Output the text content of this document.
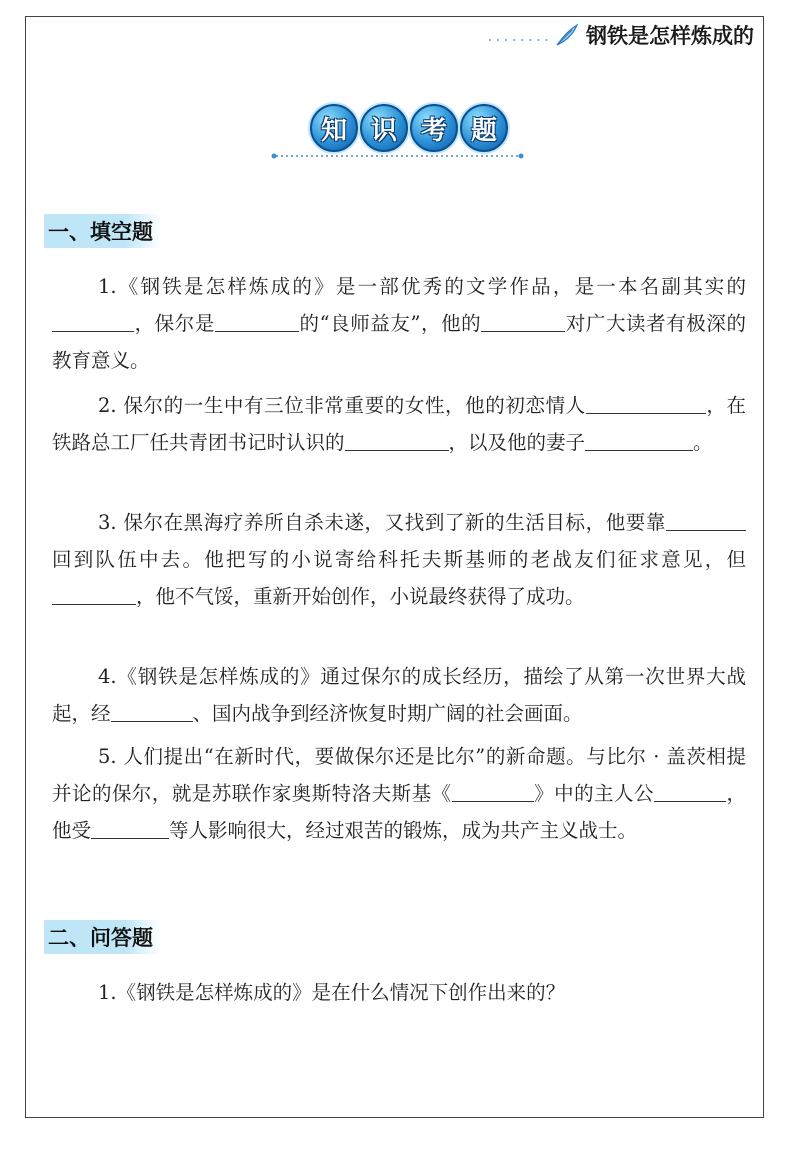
........ 钢铁是怎样炼成的
知 识 考 题
一、填空题

1.《钢铁是怎样炼成的》是一部优秀的文学作品，是一本名副其实的，保尔是	的“良师益友”，他的	对广大读者有极深的教育意义。

2. 保尔的一生中有三位非常重要的女性，他的初恋情人	，在铁路总工厂任共青团书记时认识的	，以及他的妻子	。

3. 保尔在黑海疗养所自杀未遂，又找到了新的生活目标，他要靠回到队伍中去。他把写的小说寄给科托夫斯基师的老战友们征求意见，但，他不气馁，重新开始创作，小说最终获得了成功。

4.《钢铁是怎样炼成的》通过保尔的成长经历，描绘了从第一次世界大战起，经	、国内战争到经济恢复时期广阔的社会画面。

5. 人们提出“在新时代，要做保尔还是比尔”的新命题。与比尔 · 盖茨相提并论的保尔，就是苏联作家奥斯特洛夫斯基《	》中的主人公	，他受	等人影响很大，经过艰苦的锻炼，成为共产主义战士。

二、问答题

1.《钢铁是怎样炼成的》是在什么情况下创作出来的？
